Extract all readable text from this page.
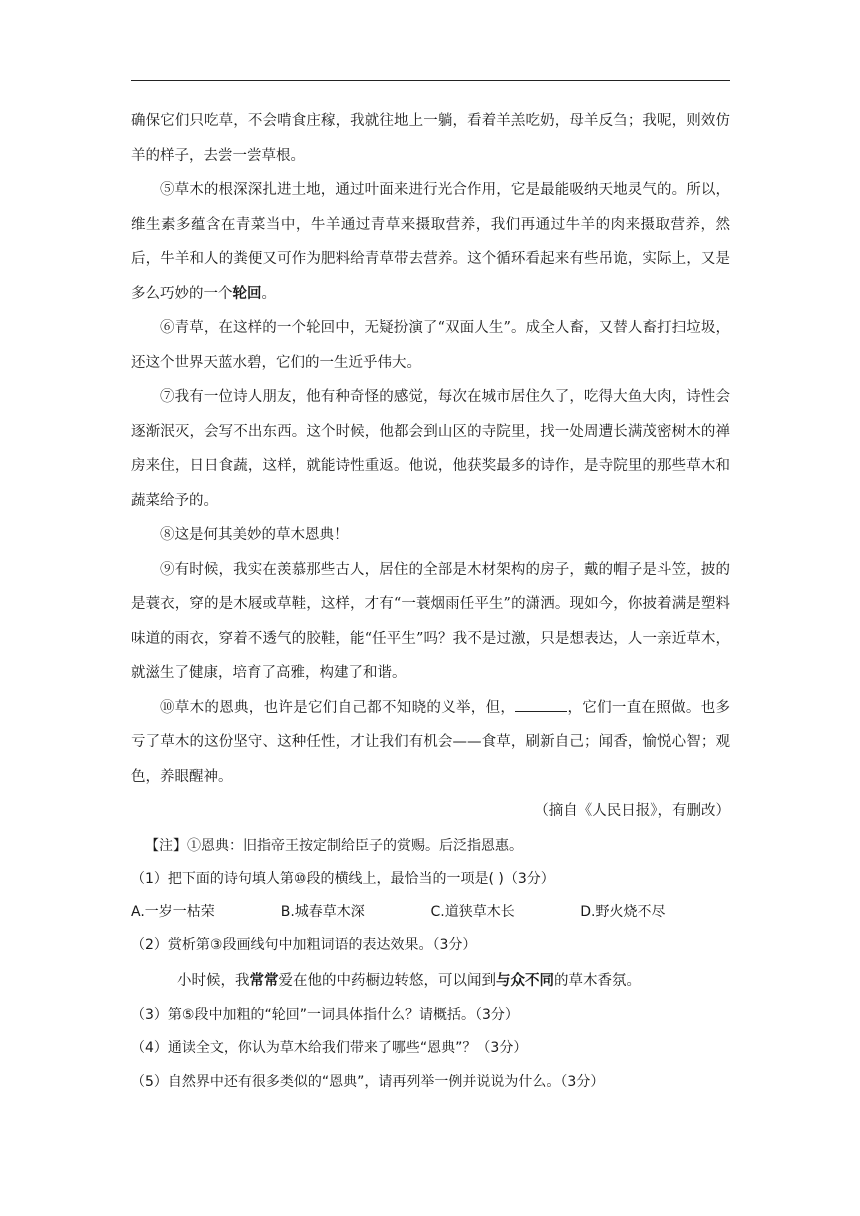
确保它们只吃草，不会啃食庄稼，我就往地上一躺，看着羊羔吃奶，母羊反刍；我呢，则效仿羊的样子，去尝一尝草根。

⑤草木的根深深扎进土地，通过叶面来进行光合作用，它是最能吸纳天地灵气的。所以，维生素多蕴含在青菜当中，牛羊通过青草来摄取营养，我们再通过牛羊的肉来摄取营养，然后，牛羊和人的粪便又可作为肥料给青草带去营养。这个循环看起来有些吊诡，实际上，又是多么巧妙的一个轮回。

⑥青草，在这样的一个轮回中，无疑扮演了“双面人生”。成全人畜，又替人畜打扫垃圾，还这个世界天蓝水碧，它们的一生近乎伟大。

⑦我有一位诗人朋友，他有种奇怪的感觉，每次在城市居住久了，吃得大鱼大肉，诗性会逐渐泯灭，会写不出东西。这个时候，他都会到山区的寺院里，找一处周遭长满茂密树木的禅房来住，日日食蔬，这样，就能诗性重返。他说，他获奖最多的诗作，是寺院里的那些草木和蔬菜给予的。

⑧这是何其美妙的草木恩典！

⑨有时候，我实在羡慕那些古人，居住的全部是木材架构的房子，戴的帽子是斗笠，披的是蓑衣，穿的是木屐或草鞋，这样，才有“一蓑烟雨任平生”的潇洒。现如今，你披着满是塑料味道的雨衣，穿着不透气的胶鞋，能“任平生”吗？我不是过激，只是想表达，人一亲近草木，就滋生了健康，培育了高雅，构建了和谐。

⑩草木的恩典，也许是它们自己都不知晓的义举，但，	，它们一直在照做。也多亏了草木的这份坚守、这种任性，才让我们有机会——食草，刷新自己；闻香，愉悦心智；观色，养眼醒神。

（摘自《人民日报》，有删改）

【注】①恩典：旧指帝王按定制给臣子的赏赐。后泛指恩惠。

（1）把下面的诗句填人第⑩段的横线上，最恰当的一项是( )（3分）

A.一岁一枯荣	B.城春草木深	C.道狭草木长	D.野火烧不尽

（2）赏析第③段画线句中加粗词语的表达效果。（3分）

小时候，我常常爱在他的中药橱边转悠，可以闻到与众不同的草木香氛。

（3）第⑤段中加粗的“轮回”一词具体指什么？请概括。（3分）

（4）通读全文，你认为草木给我们带来了哪些“恩典”？（3分）

（5）自然界中还有很多类似的“恩典”，请再列举一例并说说为什么。（3分）
